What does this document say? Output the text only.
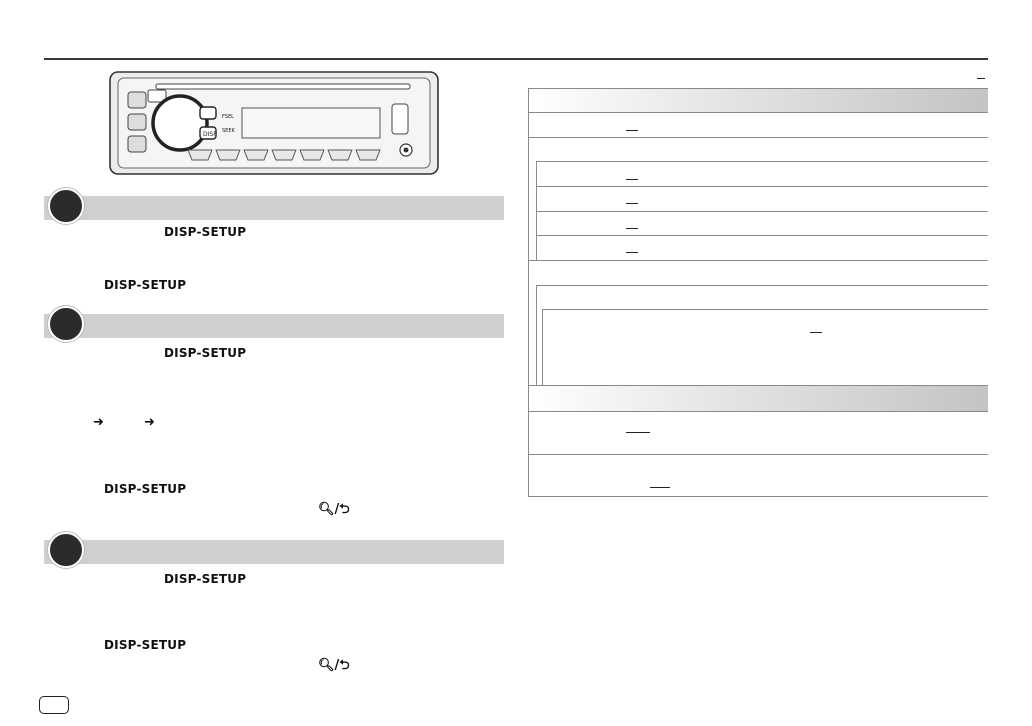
DISP
FSEL
SEEK
DISP-SETUP
DISP-SETUP
DISP-SETUP
➜	➜
DISP-SETUP
🔍︎/⮌
DISP-SETUP
DISP-SETUP
🔍︎/⮌
